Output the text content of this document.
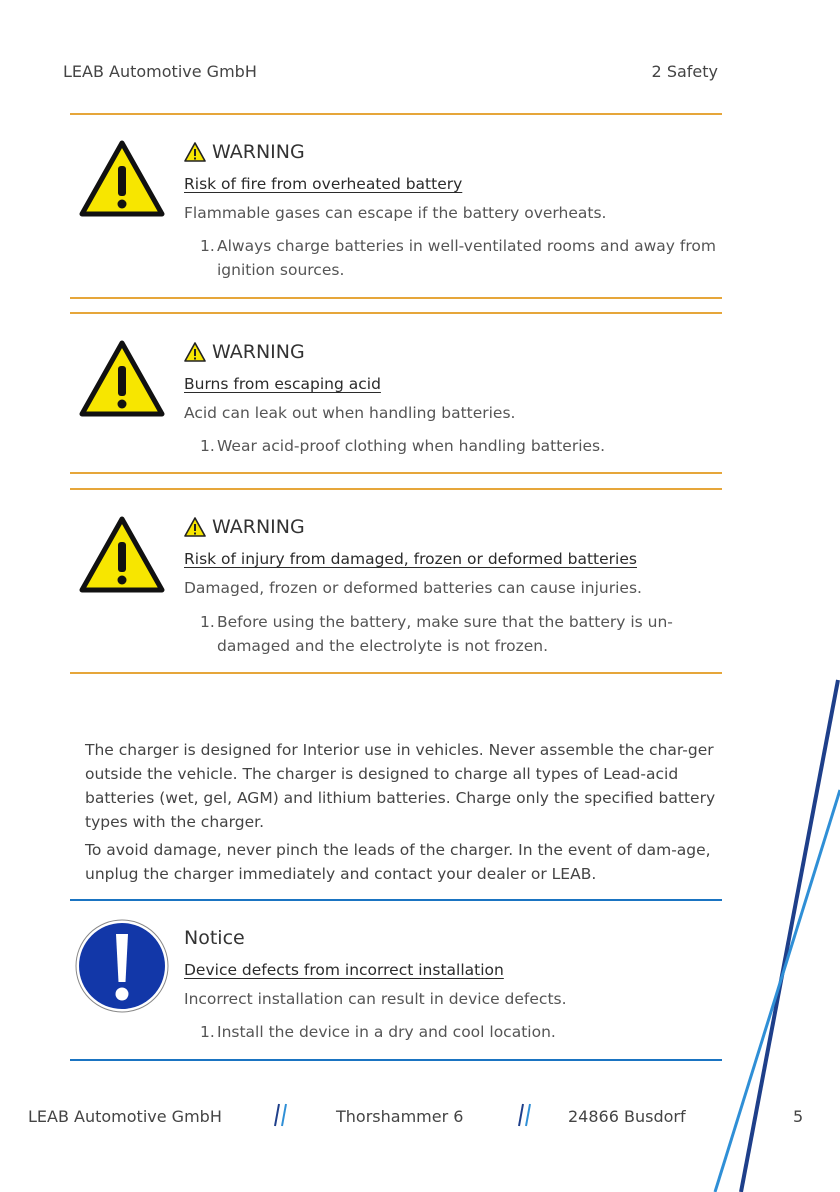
LEAB Automotive GmbH	2 Safety
WARNING
Risk of fire from overheated battery
Flammable gases can escape if the battery overheats.
1. Always charge batteries in well-ventilated rooms and away from ignition sources.
WARNING
Burns from escaping acid
Acid can leak out when handling batteries.
1. Wear acid-proof clothing when handling batteries.
WARNING
Risk of injury from damaged, frozen or deformed batteries
Damaged, frozen or deformed batteries can cause injuries.
1. Before using the battery, make sure that the battery is un-damaged and the electrolyte is not frozen.

The charger is designed for Interior use in vehicles. Never assemble the char-ger outside the vehicle. The charger is designed to charge all types of Lead-acid batteries (wet, gel, AGM) and lithium batteries. Charge only the specified battery types with the charger.

To avoid damage, never pinch the leads of the charger. In the event of dam-age, unplug the charger immediately and contact your dealer or LEAB.

Notice
Device defects from incorrect installation
Incorrect installation can result in device defects.
1. Install the device in a dry and cool location.
LEAB Automotive GmbH	Thorshammer 6	24866 Busdorf	5
